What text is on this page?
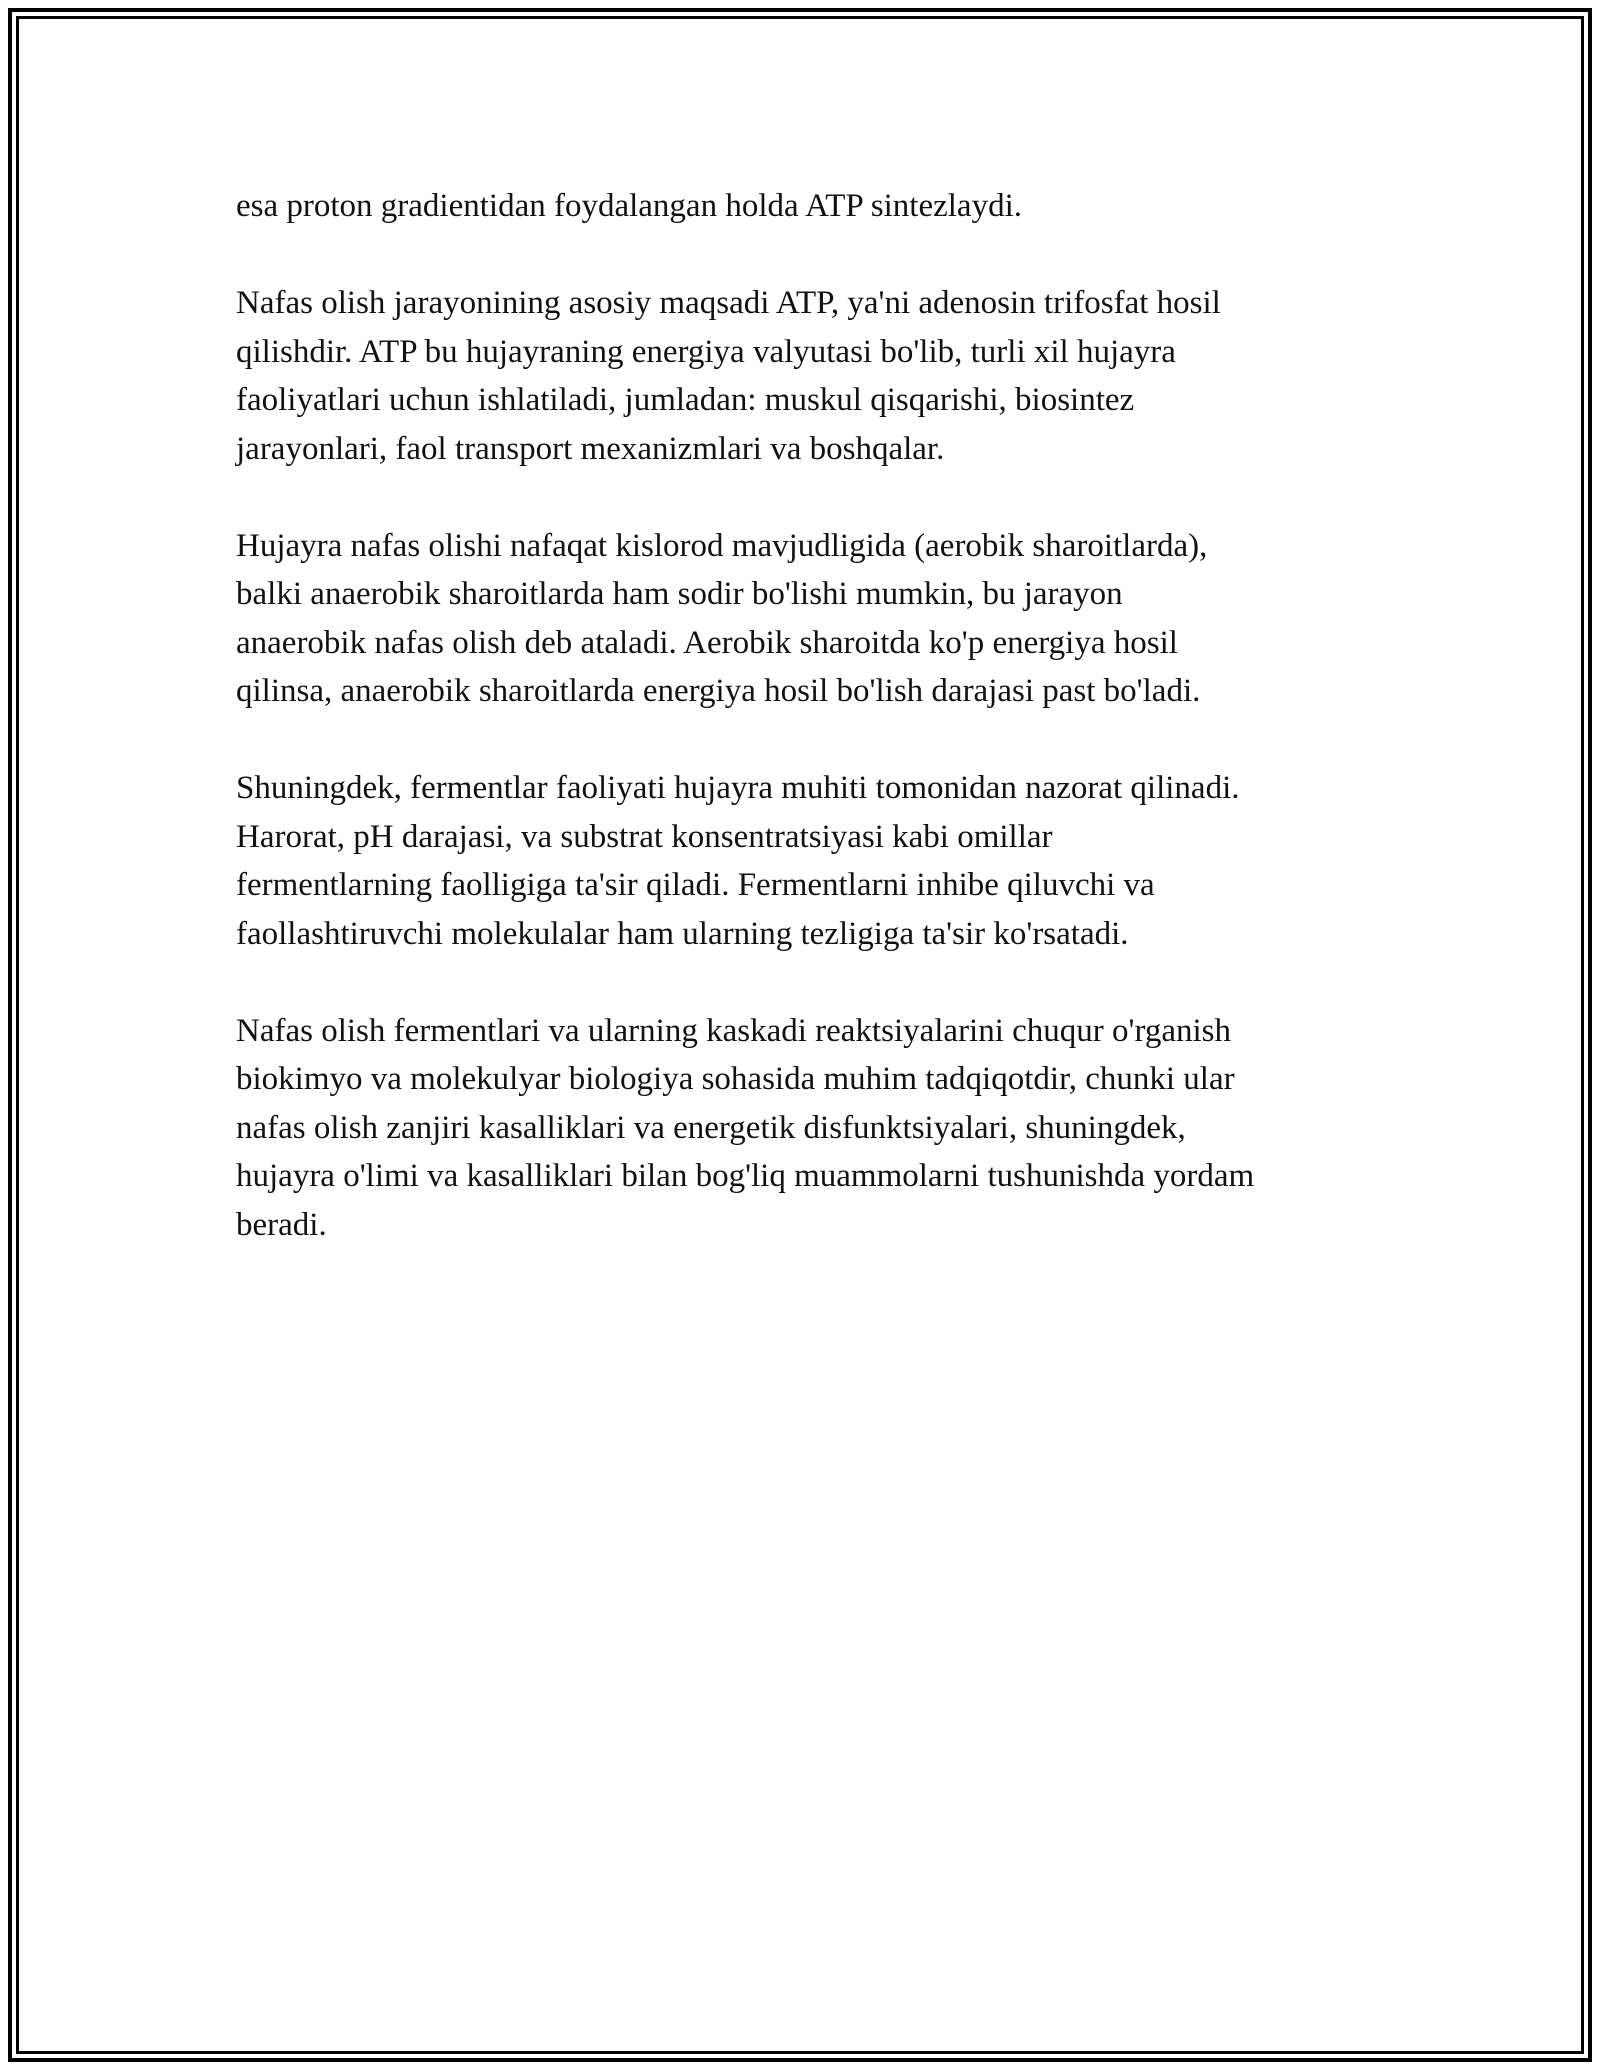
esa proton gradientidan foydalangan holda ATP sintezlaydi.

Nafas olish jarayonining asosiy maqsadi ATP, ya'ni adenosin trifosfat hosil
qilishdir. ATP bu hujayraning energiya valyutasi bo'lib, turli xil hujayra
faoliyatlari uchun ishlatiladi, jumladan: muskul qisqarishi, biosintez
jarayonlari, faol transport mexanizmlari va boshqalar.

Hujayra nafas olishi nafaqat kislorod mavjudligida (aerobik sharoitlarda),
balki anaerobik sharoitlarda ham sodir bo'lishi mumkin, bu jarayon
anaerobik nafas olish deb ataladi. Aerobik sharoitda ko'p energiya hosil
qilinsa, anaerobik sharoitlarda energiya hosil bo'lish darajasi past bo'ladi.

Shuningdek, fermentlar faoliyati hujayra muhiti tomonidan nazorat qilinadi.
Harorat, pH darajasi, va substrat konsentratsiyasi kabi omillar
fermentlarning faolligiga ta'sir qiladi. Fermentlarni inhibe qiluvchi va
faollashtiruvchi molekulalar ham ularning tezligiga ta'sir ko'rsatadi.

Nafas olish fermentlari va ularning kaskadi reaktsiyalarini chuqur o'rganish
biokimyo va molekulyar biologiya sohasida muhim tadqiqotdir, chunki ular
nafas olish zanjiri kasalliklari va energetik disfunktsiyalari, shuningdek,
hujayra o'limi va kasalliklari bilan bog'liq muammolarni tushunishda yordam
beradi.
